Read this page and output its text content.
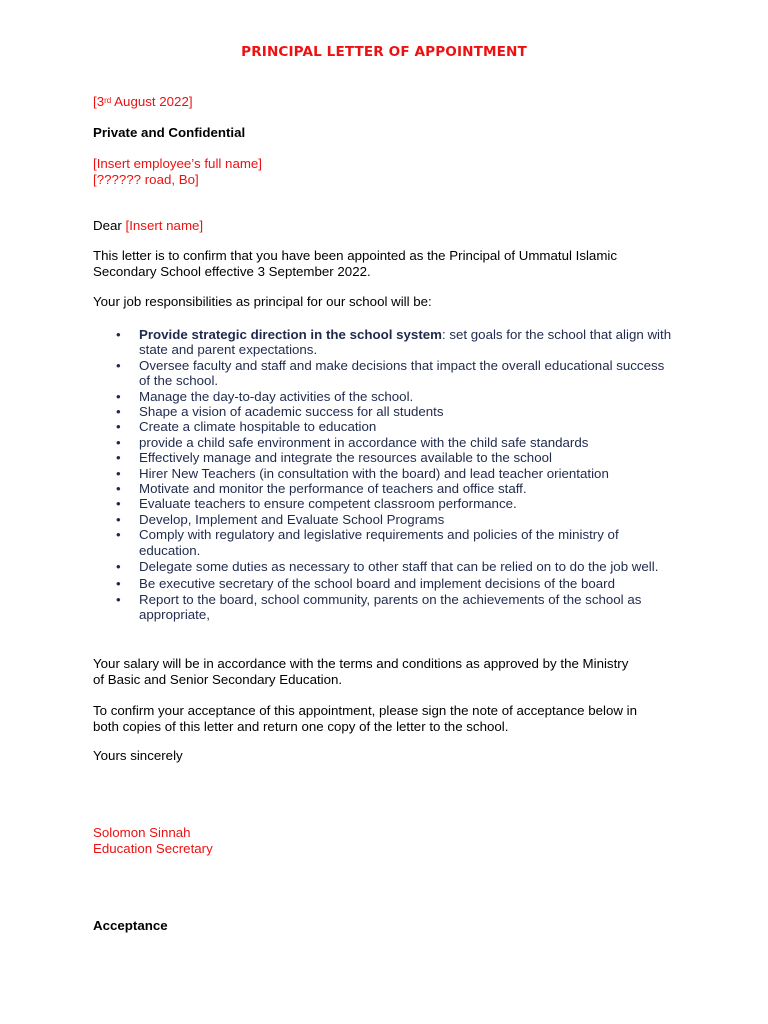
PRINCIPAL LETTER OF APPOINTMENT
[3rd August 2022]
Private and Confidential
[Insert employee’s full name]
[?????? road, Bo]
Dear [Insert name]
This letter is to confirm that you have been appointed as the Principal of Ummatul Islamic
Secondary School effective 3 September 2022.
Your job responsibilities as principal for our school will be:
• Provide strategic direction in the school system: set goals for the school that align with state and parent expectations.
• Oversee faculty and staff and make decisions that impact the overall educational success of the school.
• Manage the day-to-day activities of the school.
• Shape a vision of academic success for all students
• Create a climate hospitable to education
• provide a child safe environment in accordance with the child safe standards
• Effectively manage and integrate the resources available to the school
• Hirer New Teachers (in consultation with the board) and lead teacher orientation
• Motivate and monitor the performance of teachers and office staff.
• Evaluate teachers to ensure competent classroom performance.
• Develop, Implement and Evaluate School Programs
• Comply with regulatory and legislative requirements and policies of the ministry of education.
• Delegate some duties as necessary to other staff that can be relied on to do the job well.
• Be executive secretary of the school board and implement decisions of the board
• Report to the board, school community, parents on the achievements of the school as appropriate,
Your salary will be in accordance with the terms and conditions as approved by the Ministry
of Basic and Senior Secondary Education.
To confirm your acceptance of this appointment, please sign the note of acceptance below in
both copies of this letter and return one copy of the letter to the school.
Yours sincerely
Solomon Sinnah
Education Secretary
Acceptance
